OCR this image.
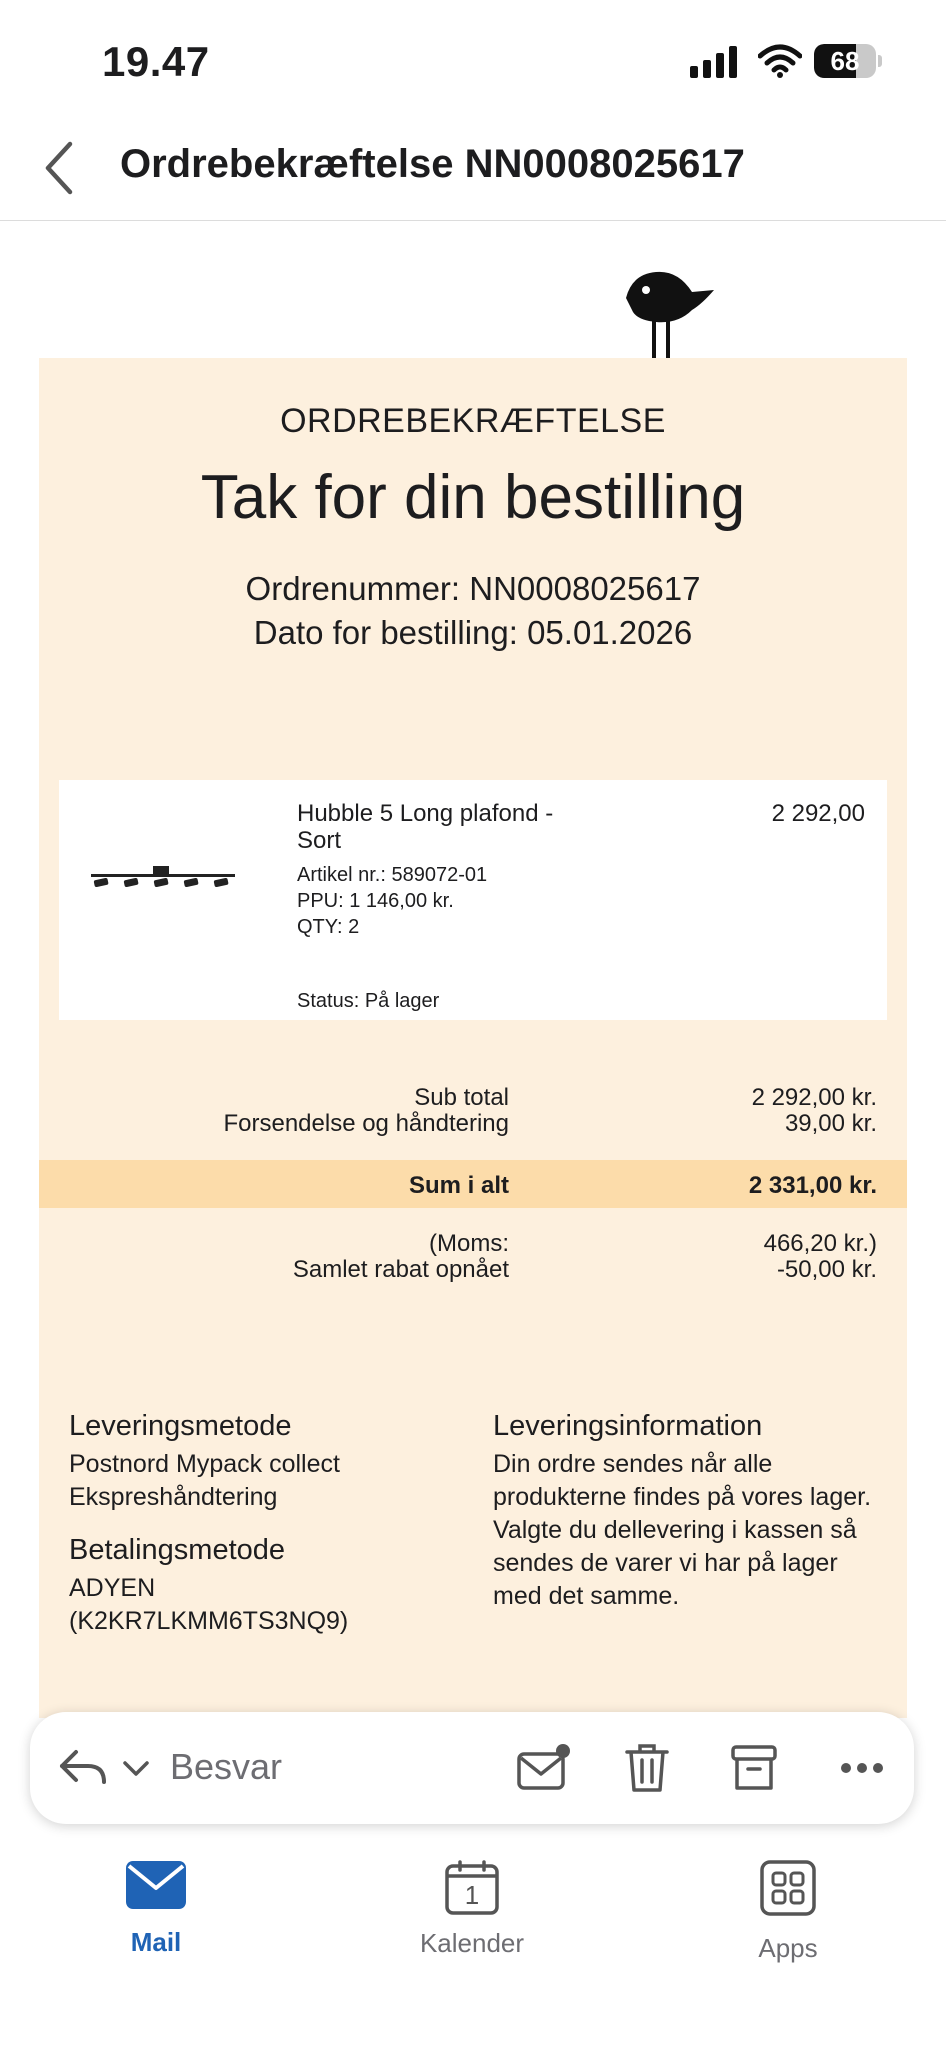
19.47	68
Ordrebekræftelse NN0008025617
ORDREBEKRÆFTELSE
Tak for din bestilling
Ordrenummer: NN0008025617
Dato for bestilling: 05.01.2026
Hubble 5 Long plafond - Sort
2 292,00
Artikel nr.: 589072-01
PPU: 1 146,00 kr.
QTY: 2
Status: På lager
Sub total	2 292,00 kr.
Forsendelse og håndtering	39,00 kr.
Sum i alt	2 331,00 kr.
(Moms:	466,20 kr.)
Samlet rabat opnået	-50,00 kr.
Leveringsmetode
Postnord Mypack collect
Ekspreshåndtering
Betalingsmetode
ADYEN
(K2KR7LKMM6TS3NQ9)
Leveringsinformation
Din ordre sendes når alle produkterne findes på vores lager. Valgte du dellevering i kassen så sendes de varer vi har på lager med det samme.
Besvar
Mail
1
Kalender	Apps
